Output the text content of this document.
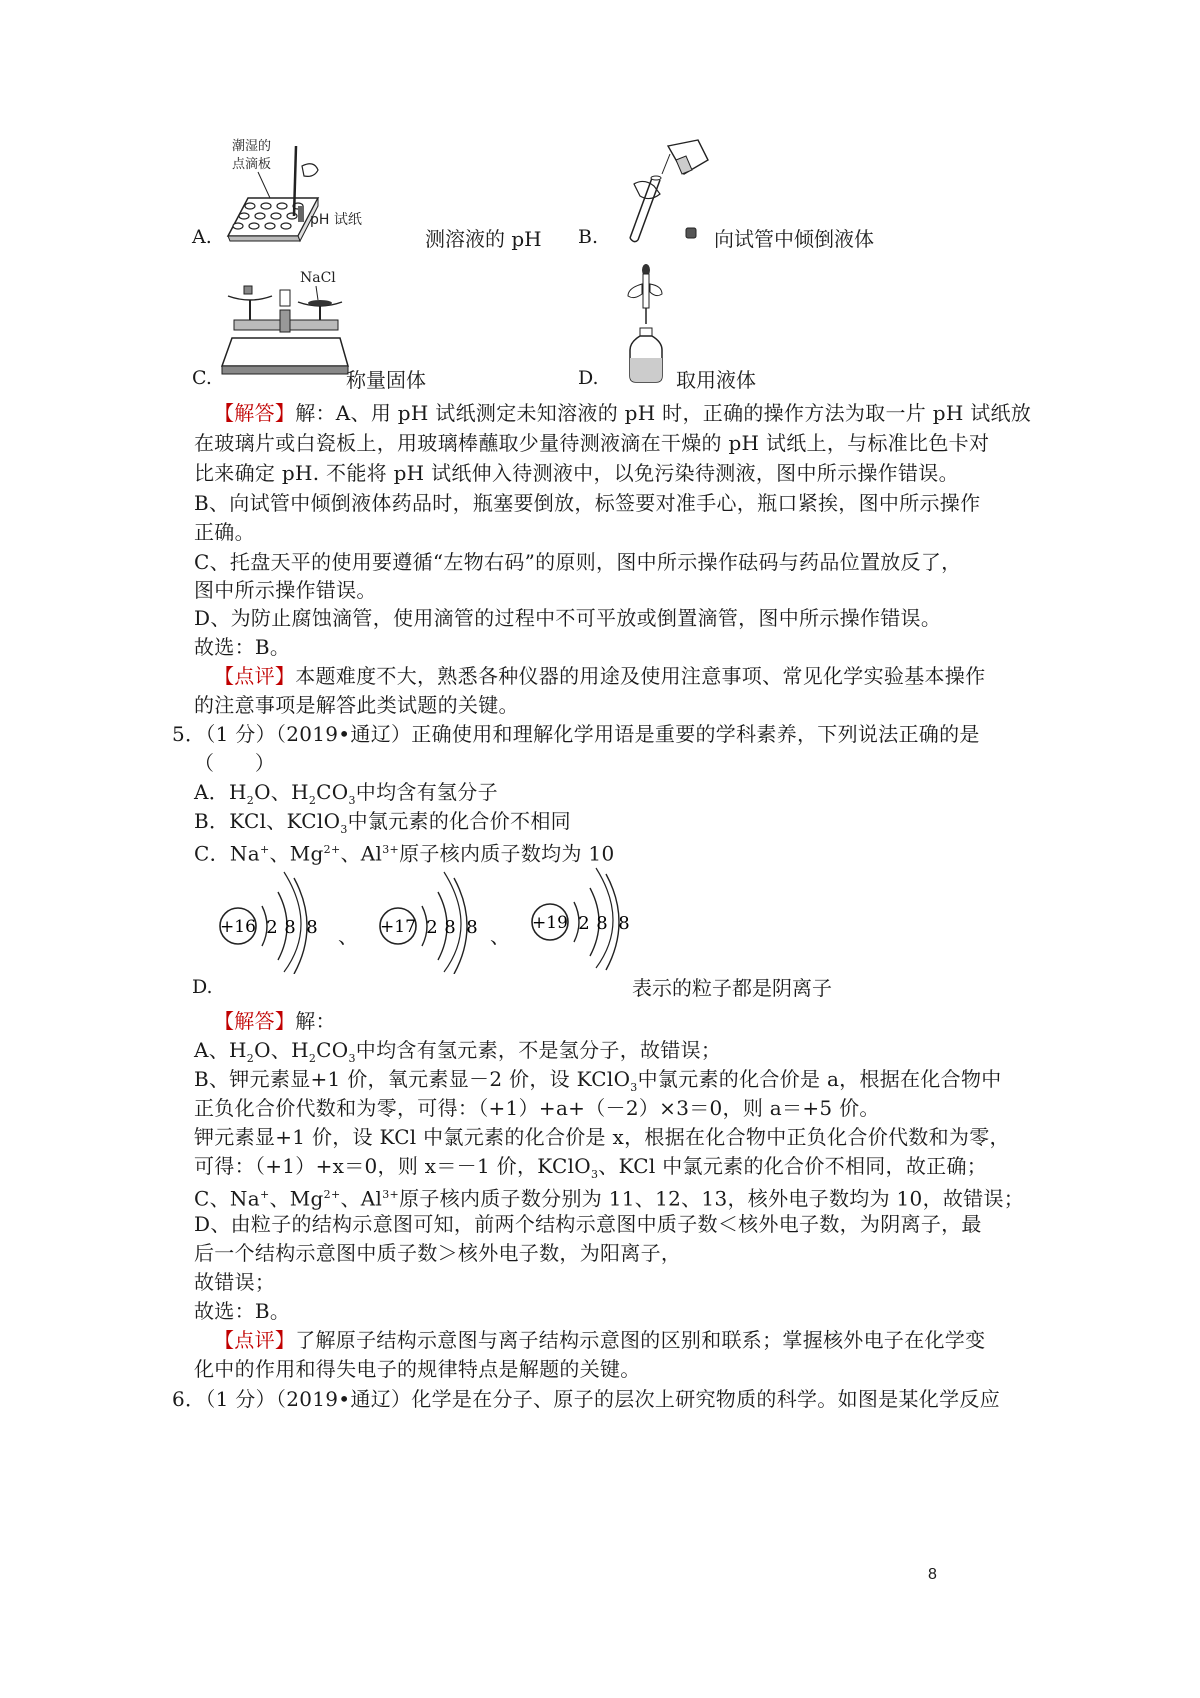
潮湿的
点滴板
pH 试纸
A.	测溶液的 pH B.	向试管中倾倒液体
NaCl
C.	称量固体	D.	取用液体
【解答】解：A、用 pH 试纸测定未知溶液的 pH 时，正确的操作方法为取一片 pH 试纸放
在玻璃片或白瓷板上，用玻璃棒蘸取少量待测液滴在干燥的 pH 试纸上，与标准比色卡对
比来确定 pH. 不能将 pH 试纸伸入待测液中，以免污染待测液，图中所示操作错误。
B、向试管中倾倒液体药品时，瓶塞要倒放，标签要对准手心，瓶口紧挨，图中所示操作
正确。
C、托盘天平的使用要遵循“左物右码”的原则，图中所示操作砝码与药品位置放反了，
图中所示操作错误。
D、为防止腐蚀滴管，使用滴管的过程中不可平放或倒置滴管，图中所示操作错误。
故选：B。
【点评】本题难度不大，熟悉各种仪器的用途及使用注意事项、常见化学实验基本操作
的注意事项是解答此类试题的关键。
5．（1 分）（2019•通辽）正确使用和理解化学用语是重要的学科素养，下列说法正确的是
（　　）
A．$H_2O$、$H_2CO_3$中均含有氢分子
B．KCl、KClO$_3$中氯元素的化合价不相同
C．Na+、$Mg^{2+}$、$Al^{3+}$原子核内质子数均为 10
+16 2 8 8 、 +17 2 8 8 、
+19 2 8 8
D.	表示的粒子都是阴离子
【解答】解：
A、$H_2O$、$H_2CO_3$中均含有氢元素，不是氢分子，故错误；
B、钾元素显+1 价，氧元素显－2 价，设 KClO$_3$中氯元素的化合价是 a，根据在化合物中
正负化合价代数和为零，可得：（+1）+a+（－2）×3＝0，则 a＝+5 价。
钾元素显+1 价，设 KCl 中氯元素的化合价是 x，根据在化合物中正负化合价代数和为零，
可得：（+1）+x＝0，则 x＝－1 价，KClO$_3$、KCl 中氯元素的化合价不相同，故正确；
C、Na+、$Mg^{2+}$、$Al^{3+}$原子核内质子数分别为 11、12、13，核外电子数均为 10，故错误；
D、由粒子的结构示意图可知，前两个结构示意图中质子数＜核外电子数，为阴离子，最
后一个结构示意图中质子数＞核外电子数，为阳离子，
故错误；
故选：B。
【点评】了解原子结构示意图与离子结构示意图的区别和联系；掌握核外电子在化学变
化中的作用和得失电子的规律特点是解题的关键。
6．（1 分）（2019•通辽）化学是在分子、原子的层次上研究物质的科学。如图是某化学反应
8
